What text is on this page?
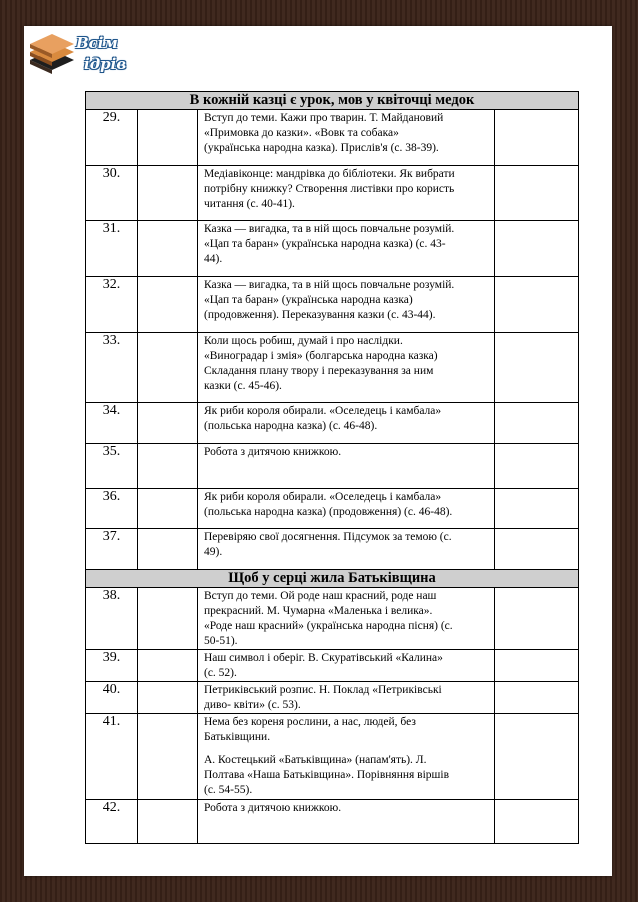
Всім
ідрів
В кожній казці є урок, мов у квіточці медок			
29.		Вступ до теми. Кажи про тварин. Т. Майдановий
«Примовка до казки». «Вовк та собака»
(українська народна казка). Прислів'я (с. 38-39).	

30.		Медіавіконце: мандрівка до бібліотеки. Як вибрати
потрібну книжку? Створення листівки про користь
читання (с. 40-41).	

31.		Казка — вигадка, та в ній щось повчальне розумій.
«Цап та баран» (українська народна казка) (с. 43-
44).	

32.		Казка — вигадка, та в ній щось повчальне розумій.
«Цап та баран» (українська народна казка)
(продовження). Переказування казки (с. 43-44).	

33.		Коли щось робиш, думай і про наслідки.
«Виноградар і змія» (болгарська народна казка)
Складання плану твору і переказування за ним
казки (с. 45-46).	

34.		Як риби короля обирали. «Оселедець і камбала»
(польська народна казка) (с. 46-48).	

35.		Робота з дитячою книжкою.	

36.		Як риби короля обирали. «Оселедець і камбала»
(польська народна казка) (продовження) (с. 46-48).	

37.		Перевіряю свої досягнення. Підсумок за темою (с.
49).	

Щоб у серці жила Батьківщина			
38.		Вступ до теми. Ой роде наш красний, роде наш
прекрасний. М. Чумарна «Маленька і велика».
«Роде наш красний» (українська народна пісня) (с.
50-51).	

39.		Наш символ і оберіг. В. Скуратівський «Калина»
(с. 52).	

40.		Петриківський розпис. Н. Поклад «Петриківські
диво- квіти» (с. 53).	

41.		Нема без кореня рослини, а нас, людей, без
Батьківщини.
А. Костецький «Батьківщина» (напам'ять). Л.
Полтава «Наша Батьківщина». Порівняння віршів
(с. 54-55).	

42.		Робота з дитячою книжкою.	
